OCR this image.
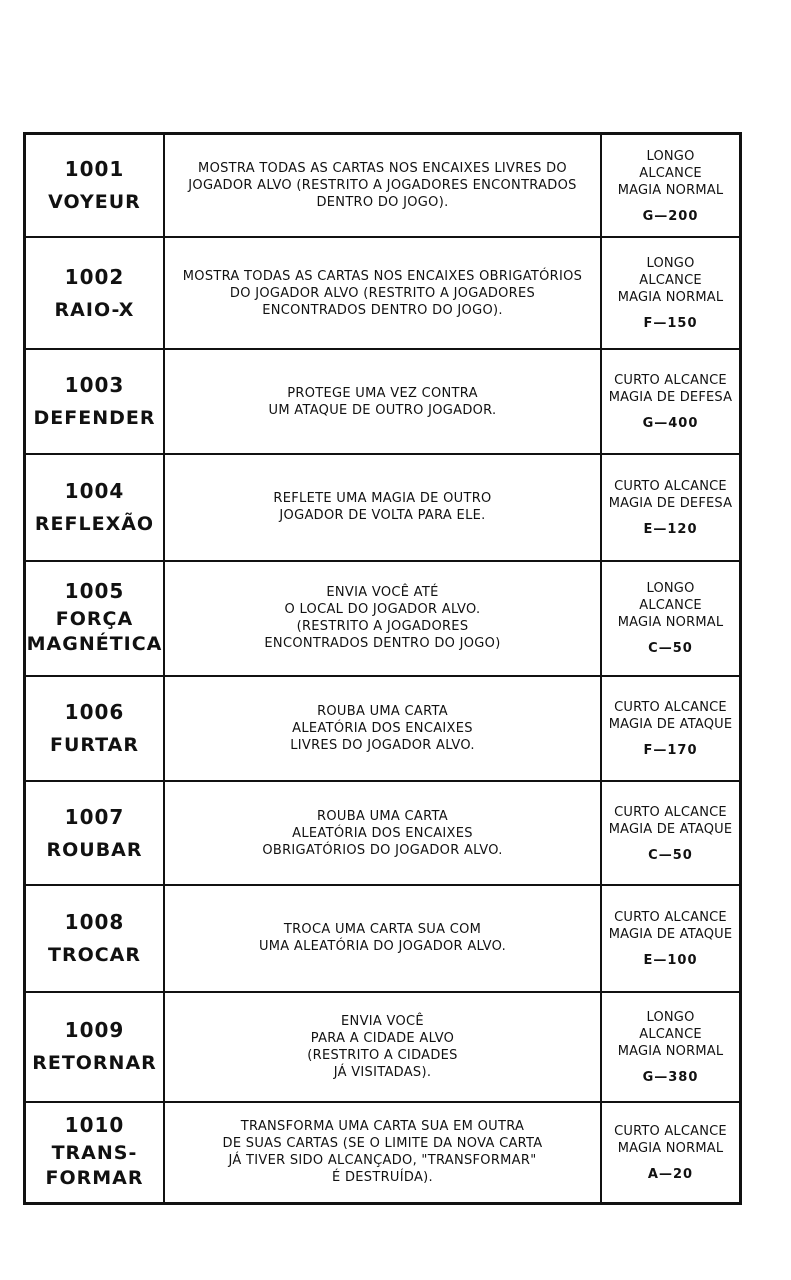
1001
VOYEUR
MOSTRA TODAS AS CARTAS NOS ENCAIXES LIVRES DO
JOGADOR ALVO (RESTRITO A JOGADORES ENCONTRADOS
DENTRO DO JOGO).
LONGO
ALCANCE
MAGIA NORMAL
G—200
1002
RAIO-X
MOSTRA TODAS AS CARTAS NOS ENCAIXES OBRIGATÓRIOS
DO JOGADOR ALVO (RESTRITO A JOGADORES
ENCONTRADOS DENTRO DO JOGO).
LONGO
ALCANCE
MAGIA NORMAL
F—150
1003
DEFENDER
PROTEGE UMA VEZ CONTRA
UM ATAQUE DE OUTRO JOGADOR.
CURTO ALCANCE
MAGIA DE DEFESA
G—400
1004
REFLEXÃO
REFLETE UMA MAGIA DE OUTRO
JOGADOR DE VOLTA PARA ELE.
CURTO ALCANCE
MAGIA DE DEFESA
E—120
1005
FORÇA
MAGNÉTICA
ENVIA VOCÊ ATÉ
O LOCAL DO JOGADOR ALVO.
(RESTRITO A JOGADORES
ENCONTRADOS DENTRO DO JOGO)
LONGO
ALCANCE
MAGIA NORMAL
C—50
1006
FURTAR
ROUBA UMA CARTA
ALEATÓRIA DOS ENCAIXES
LIVRES DO JOGADOR ALVO.
CURTO ALCANCE
MAGIA DE ATAQUE
F—170
1007
ROUBAR
ROUBA UMA CARTA
ALEATÓRIA DOS ENCAIXES
OBRIGATÓRIOS DO JOGADOR ALVO.
CURTO ALCANCE
MAGIA DE ATAQUE
C—50
1008
TROCAR
TROCA UMA CARTA SUA COM
UMA ALEATÓRIA DO JOGADOR ALVO.
CURTO ALCANCE
MAGIA DE ATAQUE
E—100
1009
RETORNAR
ENVIA VOCÊ
PARA A CIDADE ALVO
(RESTRITO A CIDADES
JÁ VISITADAS).
LONGO
ALCANCE
MAGIA NORMAL
G—380
1010
TRANS-
FORMAR
TRANSFORMA UMA CARTA SUA EM OUTRA
DE SUAS CARTAS (SE O LIMITE DA NOVA CARTA
JÁ TIVER SIDO ALCANÇADO, "TRANSFORMAR"
É DESTRUÍDA).
CURTO ALCANCE
MAGIA NORMAL
A—20
